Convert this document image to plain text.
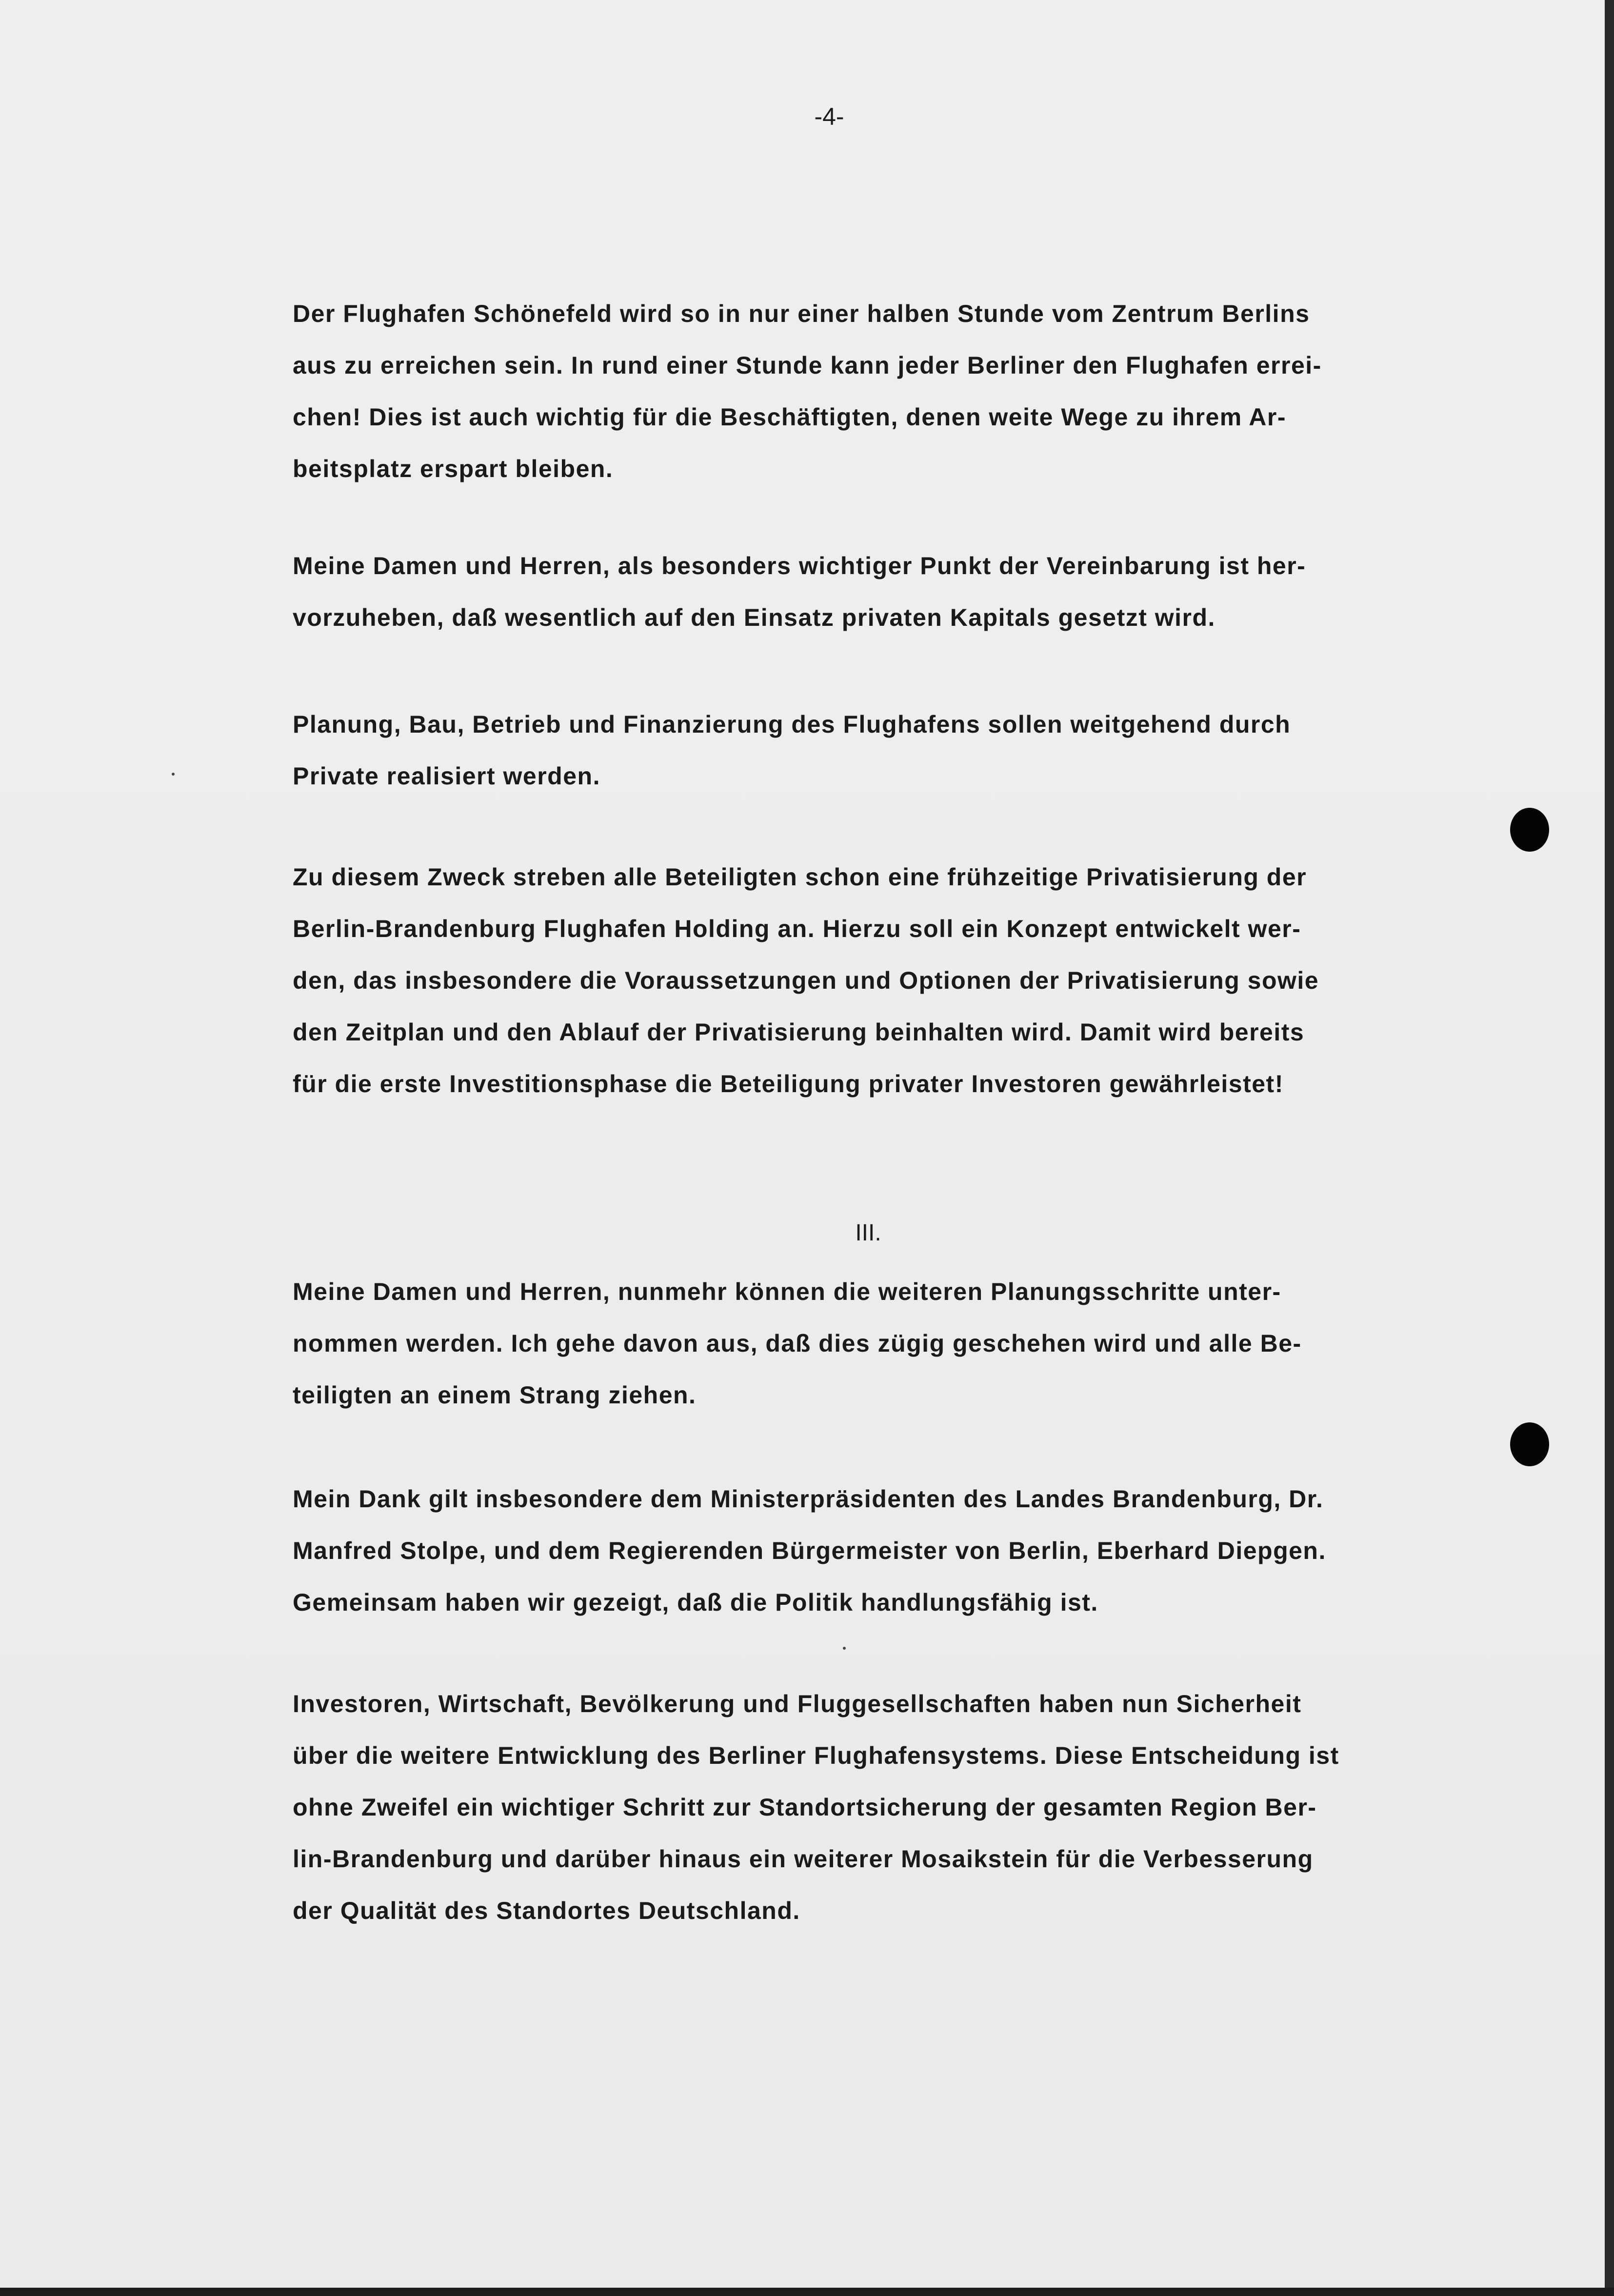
-4-
Der Flughafen Schönefeld wird so in nur einer halben Stunde vom Zentrum Berlins
aus zu erreichen sein. In rund einer Stunde kann jeder Berliner den Flughafen errei-
chen! Dies ist auch wichtig für die Beschäftigten, denen weite Wege zu ihrem Ar-
beitsplatz erspart bleiben.
Meine Damen und Herren, als besonders wichtiger Punkt der Vereinbarung ist her-
vorzuheben, daß wesentlich auf den Einsatz privaten Kapitals gesetzt wird.
Planung, Bau, Betrieb und Finanzierung des Flughafens sollen weitgehend durch
Private realisiert werden.
Zu diesem Zweck streben alle Beteiligten schon eine frühzeitige Privatisierung der
Berlin-Brandenburg Flughafen Holding an. Hierzu soll ein Konzept entwickelt wer-
den, das insbesondere die Voraussetzungen und Optionen der Privatisierung sowie
den Zeitplan und den Ablauf der Privatisierung beinhalten wird. Damit wird bereits
für die erste Investitionsphase die Beteiligung privater Investoren gewährleistet!
III.
Meine Damen und Herren, nunmehr können die weiteren Planungsschritte unter-
nommen werden. Ich gehe davon aus, daß dies zügig geschehen wird und alle Be-
teiligten an einem Strang ziehen.
Mein Dank gilt insbesondere dem Ministerpräsidenten des Landes Brandenburg, Dr.
Manfred Stolpe, und dem Regierenden Bürgermeister von Berlin, Eberhard Diepgen.
Gemeinsam haben wir gezeigt, daß die Politik handlungsfähig ist.
Investoren, Wirtschaft, Bevölkerung und Fluggesellschaften haben nun Sicherheit
über die weitere Entwicklung des Berliner Flughafensystems. Diese Entscheidung ist
ohne Zweifel ein wichtiger Schritt zur Standortsicherung der gesamten Region Ber-
lin-Brandenburg und darüber hinaus ein weiterer Mosaikstein für die Verbesserung
der Qualität des Standortes Deutschland.
